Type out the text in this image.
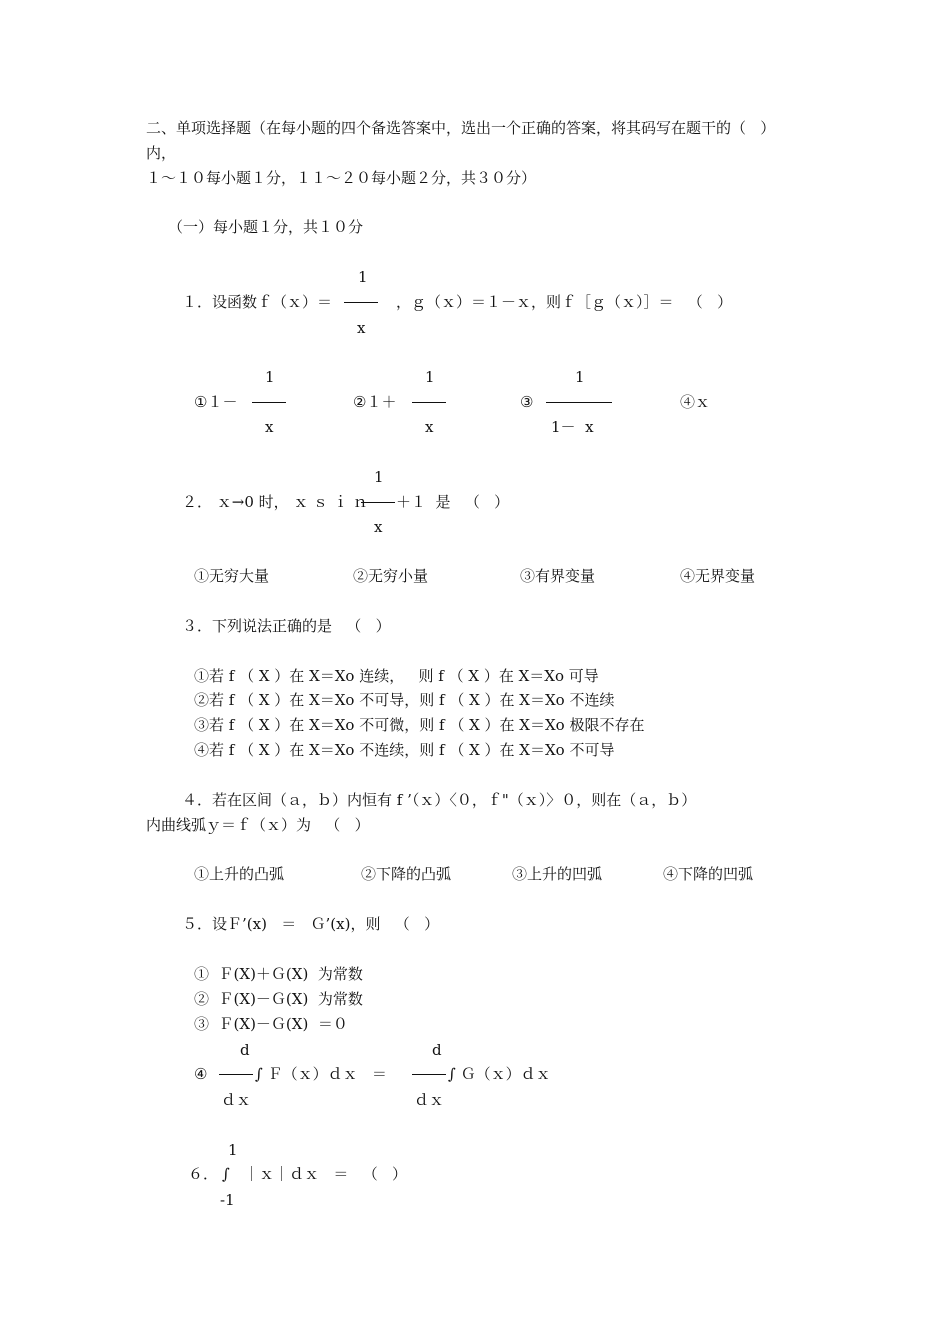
二、单项选择题（在每小题的四个备选答案中，选出一个正确的答案，将其码写在题干的（   ）
内，
１～１０每小题１分，１１～２０每小题２分，共３０分）
（一）每小题１分，共１０分
1
１．设函数ｆ（ｘ）＝	，ｇ（ｘ）＝１－ｘ，则ｆ［ｇ（ｘ）］＝   （   ）
x
1	1	1
①１－	②１＋	③	④ｘ
x	x	1－  x
1
２． ｘ→0 时， ｘ ｓ ｉ ｎ ＋１  是   （   ）
x
①无穷大量	②无穷小量	③有界变量	④无界变量
３．下列说法正确的是   （   ）
①若 f （ X ）在 X＝Xo 连续，   则 f （ X ）在 X＝Xo 可导
②若 f （ X ）在 X＝Xo 不可导，则 f （ X ）在 X＝Xo 不连续
③若 f （ X ）在 X＝Xo 不可微，则 f （ X ）在 X＝Xo 极限不存在
④若 f （ X ）在 X＝Xo 不连续，则 f （ X ）在 X＝Xo 不可导
４．若在区间（ａ，ｂ）内恒有 f ’（ｘ）〈０，ｆ"（ｘ）〉０，则在（ａ，ｂ）
内曲线弧ｙ＝ｆ（ｘ）为   （   ）
①上升的凸弧	②下降的凸弧	③上升的凹弧	④下降的凹弧
５．设Ｆ’(x)   ＝   Ｇ’(x)，则   （   ）
①  Ｆ(X)＋Ｇ(X)  为常数
②  Ｆ(X)－Ｇ(X)  为常数
③  Ｆ(X)－Ｇ(X)  ＝０
d	d
④	∫ Ｆ（ｘ）ｄｘ   ＝	∫ Ｇ（ｘ）ｄｘ
ｄｘ	ｄｘ
1
６． ∫   ｜ｘ｜ｄｘ   ＝   （   ）
-1
